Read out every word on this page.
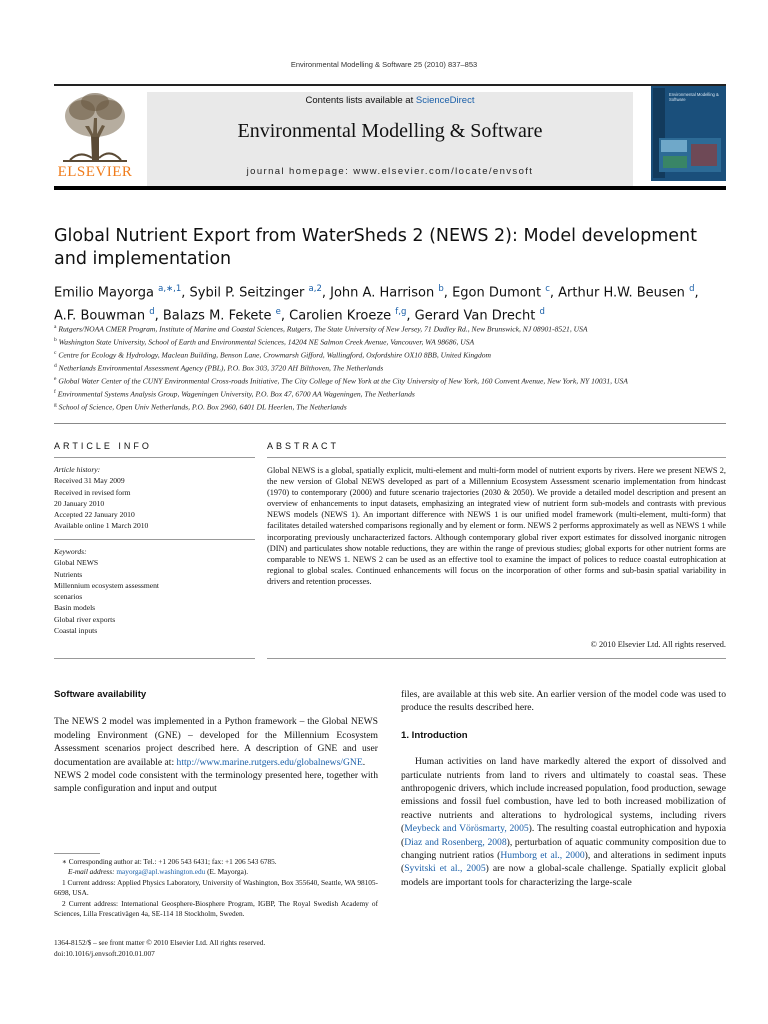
Environmental Modelling & Software 25 (2010) 837–853
ELSEVIER
Contents lists available at ScienceDirect
Environmental Modelling & Software
journal homepage: www.elsevier.com/locate/envsoft
Environmental Modelling & Software
Global Nutrient Export from WaterSheds 2 (NEWS 2): Model development
and implementation
Emilio Mayorga $^{a,∗,1}$, Sybil P. Seitzinger $^{a,2}$, John A. Harrison $^b$, Egon Dumont $^c$, Arthur H.W. Beusen $^d$,
A.F. Bouwman $^d$, Balazs M. Fekete $^e$, Carolien Kroeze $^{f,g}$, Gerard Van Drecht $^d$
$^a$ Rutgers/NOAA CMER Program, Institute of Marine and Coastal Sciences, Rutgers, The State University of New Jersey, 71 Dudley Rd., New Brunswick, NJ 08901-8521, USA
$^b$ Washington State University, School of Earth and Environmental Sciences, 14204 NE Salmon Creek Avenue, Vancouver, WA 98686, USA
$^c$ Centre for Ecology & Hydrology, Maclean Building, Benson Lane, Crowmarsh Gifford, Wallingford, Oxfordshire OX10 8BB, United Kingdom
$^d$ Netherlands Environmental Assessment Agency (PBL), P.O. Box 303, 3720 AH Bilthoven, The Netherlands
$^e$ Global Water Center of the CUNY Environmental Cross-roads Initiative, The City College of New York at the City University of New York, 160 Convent Avenue, New York, NY 10031, USA
$^f$ Environmental Systems Analysis Group, Wageningen University, P.O. Box 47, 6700 AA Wageningen, The Netherlands
$^g$ School of Science, Open Univ Netherlands, P.O. Box 2960, 6401 DL Heerlen, The Netherlands
ARTICLE INFO
Article history:
Received 31 May 2009
Received in revised form
20 January 2010
Accepted 22 January 2010
Available online 1 March 2010
Keywords:
Global NEWS
Nutrients
Millennium ecosystem assessment
scenarios
Basin models
Global river exports
Coastal inputs
ABSTRACT
Global NEWS is a global, spatially explicit, multi-element and multi-form model of nutrient exports by rivers. Here we present NEWS 2, the new version of Global NEWS developed as part of a Millennium Ecosystem Assessment scenario implementation from hindcast (1970) to contemporary (2000) and future scenario trajectories (2030 & 2050). We provide a detailed model description and present an overview of enhancements to input datasets, emphasizing an integrated view of nutrient form sub-models and contrasts with previous NEWS models (NEWS 1). An important difference with NEWS 1 is our unified model framework (multi-element, multi-form) that facilitates detailed watershed comparisons regionally and by element or form. NEWS 2 performs approximately as well as NEWS 1 while incorporating previously uncharacterized factors. Although contemporary global river export estimates for dissolved inorganic nitrogen (DIN) and particulates show notable reductions, they are within the range of previous studies; global exports for other nutrient forms are comparable to NEWS 1. NEWS 2 can be used as an effective tool to examine the impact of polices to reduce coastal eutrophication at regional to global scales. Continued enhancements will focus on the incorporation of other forms and sub-basin spatial variability in drivers and retention processes.
© 2010 Elsevier Ltd. All rights reserved.
Software availability
The NEWS 2 model was implemented in a Python framework – the Global NEWS modeling Environment (GNE) – developed for the Millennium Ecosystem Assessment scenarios project described here. A description of GNE and user documentation are available at: http://www.marine.rutgers.edu/globalnews/GNE.
NEWS 2 model code consistent with the terminology presented here, together with sample configuration and input and output
∗ Corresponding author at: Tel.: +1 206 543 6431; fax: +1 206 543 6785.
E-mail address: mayorga@apl.washington.edu (E. Mayorga).
1 Current address: Applied Physics Laboratory, University of Washington, Box 355640, Seattle, WA 98105-6698, USA.
2 Current address: International Geosphere-Biosphere Program, IGBP, The Royal Swedish Academy of Sciences, Lilla Frescativägen 4a, SE-114 18 Stockholm, Sweden.
1364-8152/$ – see front matter © 2010 Elsevier Ltd. All rights reserved.
doi:10.1016/j.envsoft.2010.01.007
files, are available at this web site. An earlier version of the model code was used to produce the results described here.
1. Introduction
Human activities on land have markedly altered the export of dissolved and particulate nutrients from land to rivers and ultimately to coastal seas. These anthropogenic drivers, which include increased population, food production, sewage emissions and fossil fuel combustion, have led to both increased mobilization of reactive nutrients and alterations to hydrological systems, including rivers (Meybeck and Vörösmarty, 2005). The resulting coastal eutrophication and hypoxia (Diaz and Rosenberg, 2008), perturbation of aquatic community composition due to changing nutrient ratios (Humborg et al., 2000), and alterations in sediment inputs (Syvitski et al., 2005) are now a global-scale challenge. Spatially explicit global models are important tools for characterizing the large-scale
